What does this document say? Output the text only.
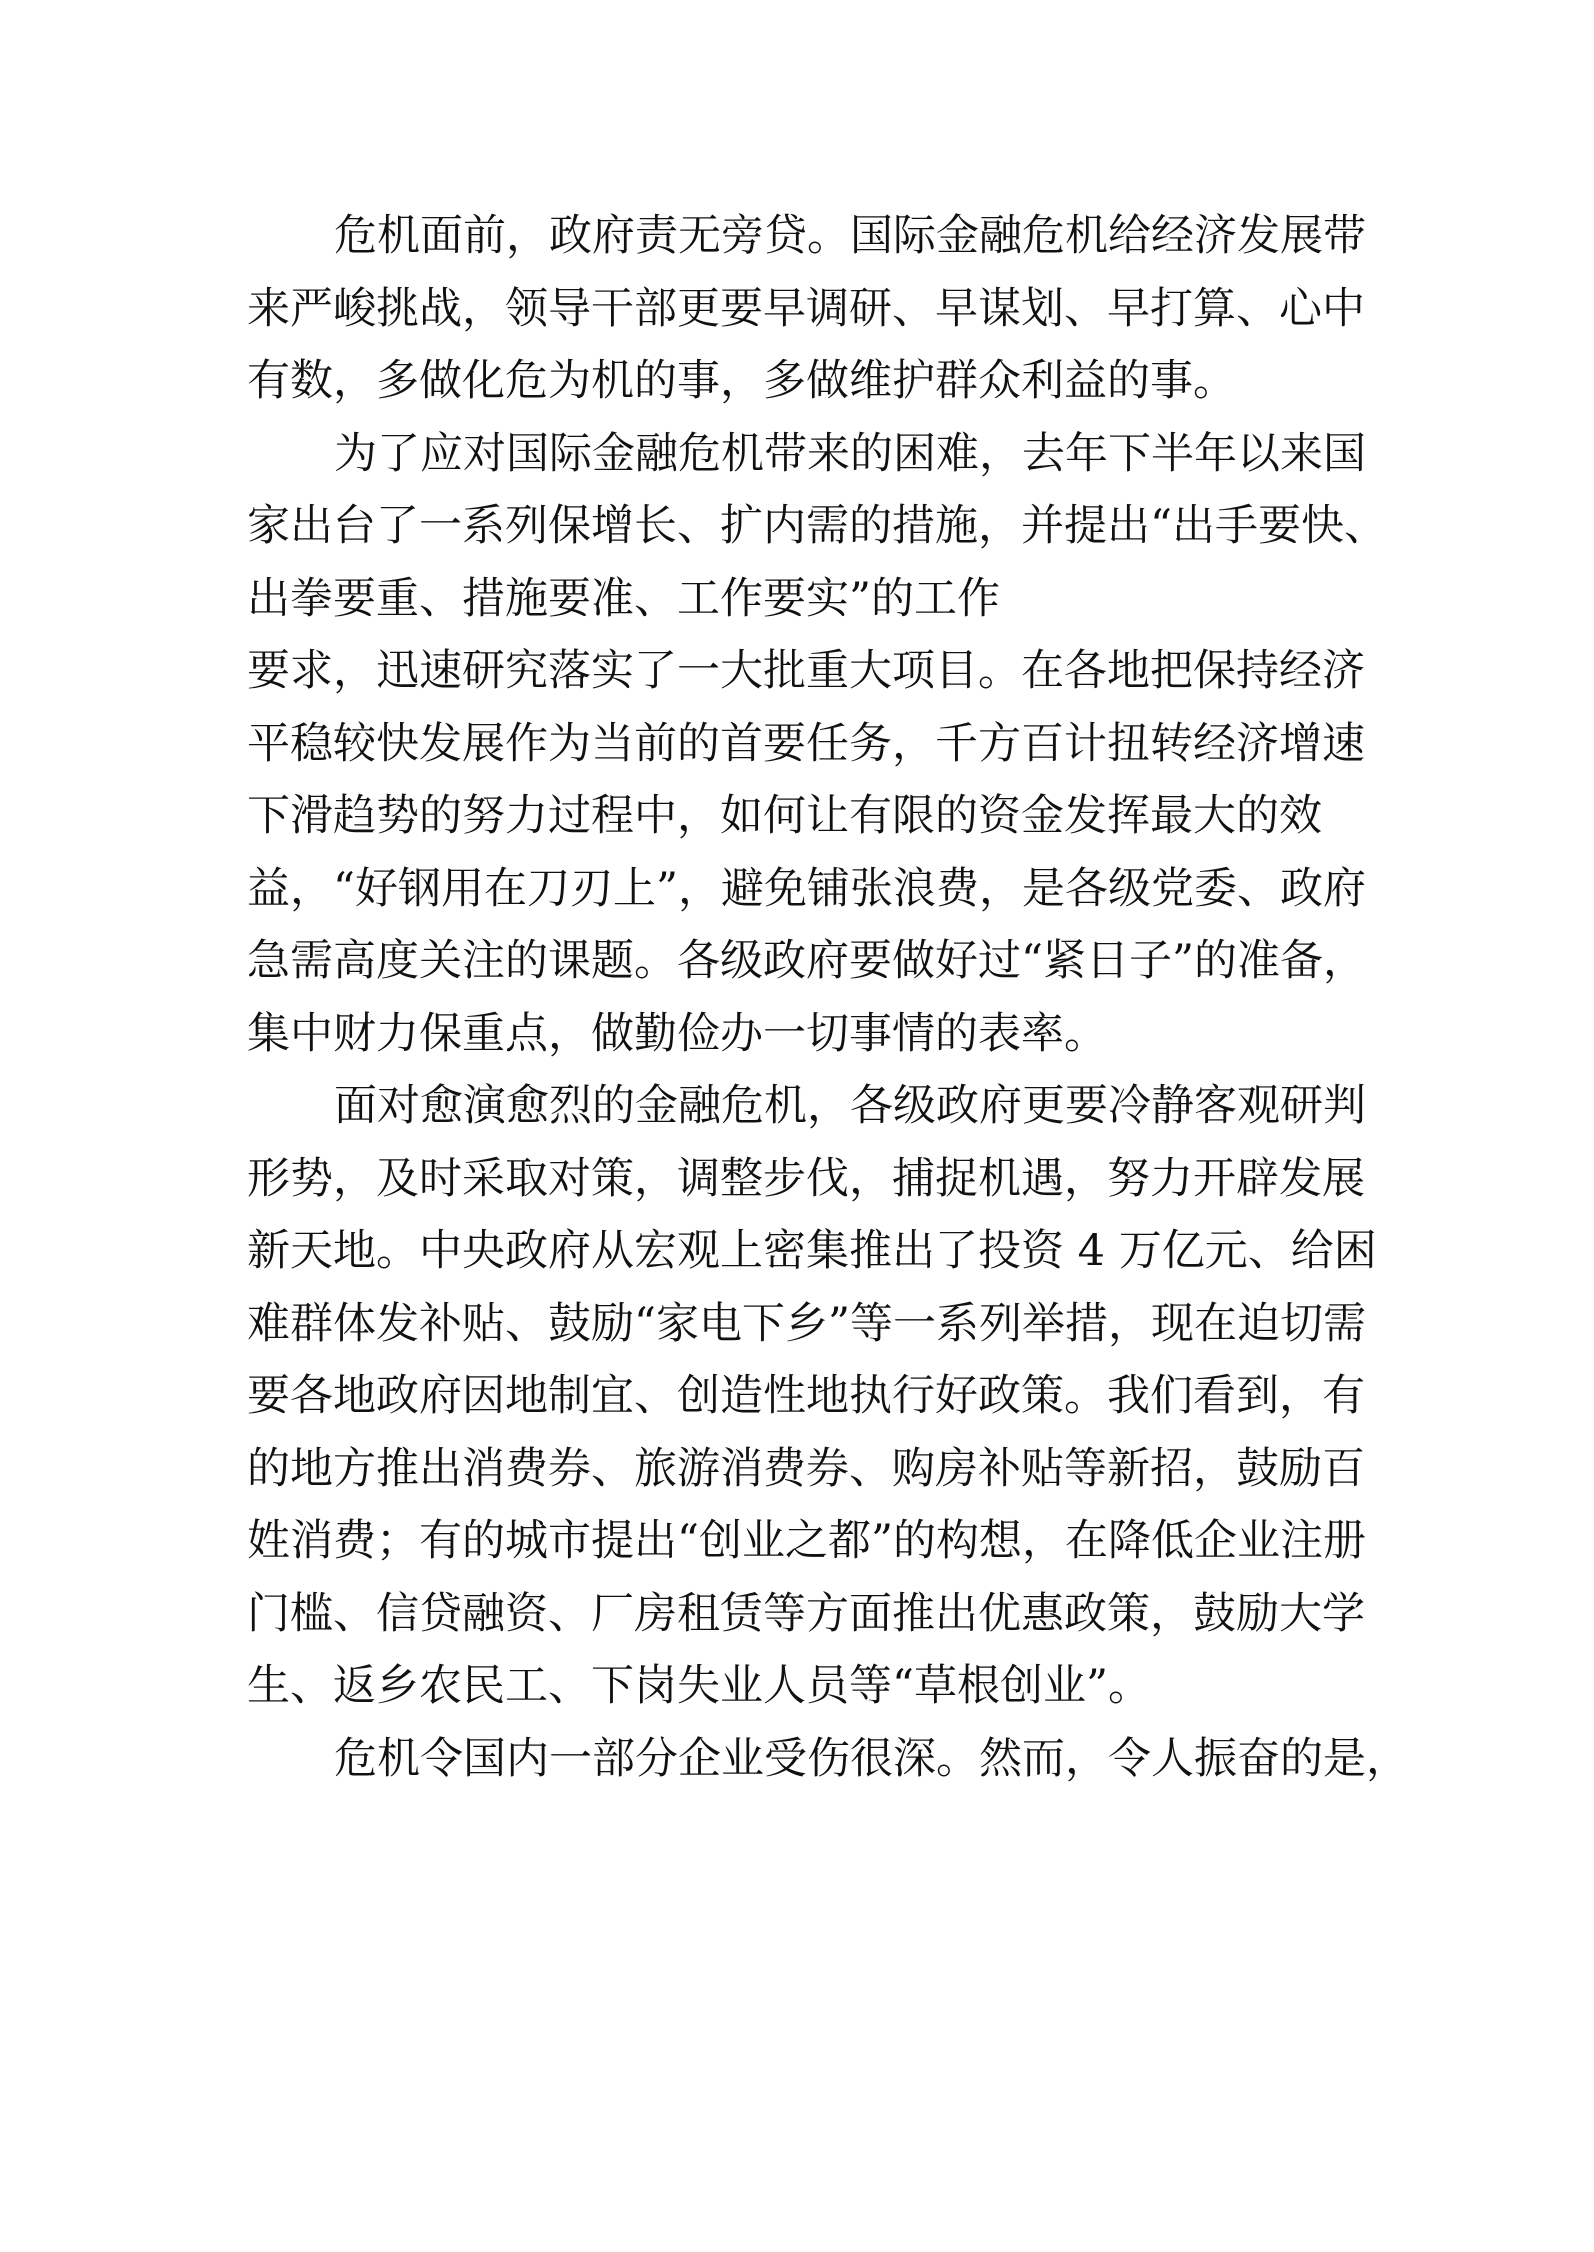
危机面前，政府责无旁贷。国际金融危机给经济发展带
来严峻挑战，领导干部更要早调研、早谋划、早打算、心中
有数，多做化危为机的事，多做维护群众利益的事。
为了应对国际金融危机带来的困难，去年下半年以来国
家出台了一系列保增长、扩内需的措施，并提出“出手要快、
出拳要重、措施要准、工作要实”的工作
要求，迅速研究落实了一大批重大项目。在各地把保持经济
平稳较快发展作为当前的首要任务，千方百计扭转经济增速
下滑趋势的努力过程中，如何让有限的资金发挥最大的效
益，“好钢用在刀刃上”，避免铺张浪费，是各级党委、政府
急需高度关注的课题。各级政府要做好过“紧日子”的准备，
集中财力保重点，做勤俭办一切事情的表率。
面对愈演愈烈的金融危机，各级政府更要冷静客观研判
形势，及时采取对策，调整步伐，捕捉机遇，努力开辟发展
新天地。中央政府从宏观上密集推出了投资 4 万亿元、给困
难群体发补贴、鼓励“家电下乡”等一系列举措，现在迫切需
要各地政府因地制宜、创造性地执行好政策。我们看到，有
的地方推出消费券、旅游消费券、购房补贴等新招，鼓励百
姓消费；有的城市提出“创业之都”的构想，在降低企业注册
门槛、信贷融资、厂房租赁等方面推出优惠政策，鼓励大学
生、返乡农民工、下岗失业人员等“草根创业”。
危机令国内一部分企业受伤很深。然而，令人振奋的是，
